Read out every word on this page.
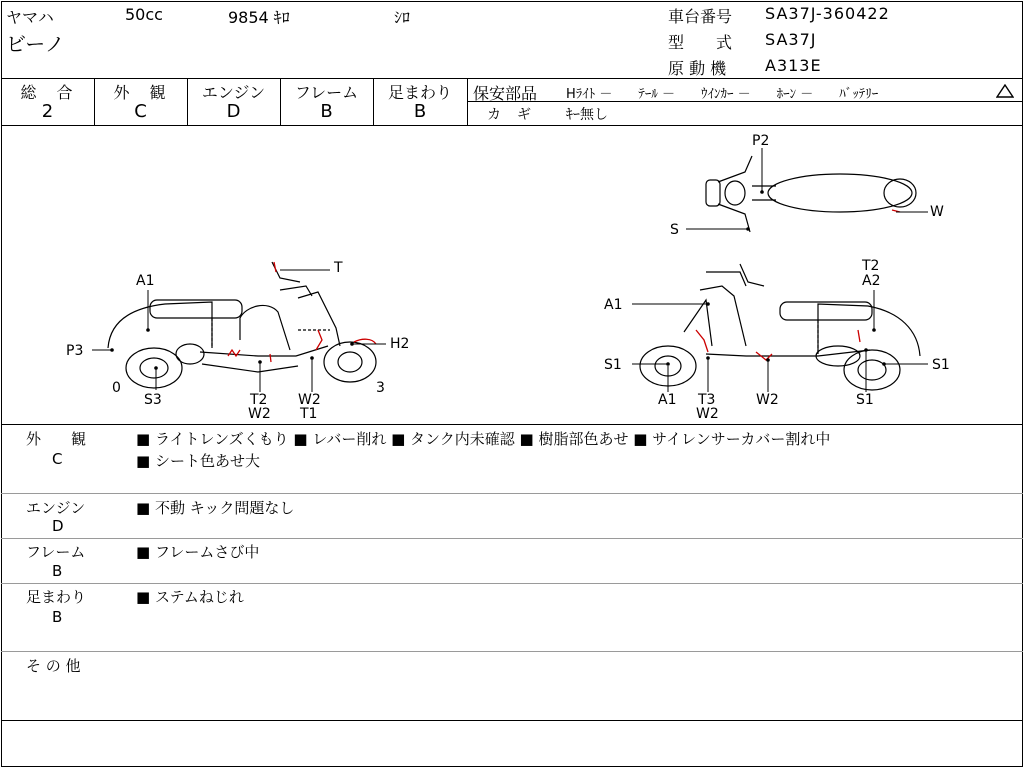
ヤマハ	50cc	9854 ｷﾛ	ｼﾛ
ビーノ
車台番号 SA37J-360422
型　　式 SA37J
原 動 機 A313E
総　合
2
外　観
C
エンジン
D
フレーム
B
足まわり
B
保安部品 Hﾗｲﾄ －　　ﾃｰﾙ －　　ｳｲﾝｶｰ －　　ﾎｰﾝ －　　ﾊﾞｯﾃﾘｰ
カ　ギ ｷｰ無し
A1
P3
0
S3	T2
W2
W2
T1
3
T
H2
P2
W
S
A1
S1
A1 T3
W2
W2
T2
A2
S1
S1
外　　観
C
■ ライトレンズくもり ■ レバー削れ ■ タンク内未確認 ■ 樹脂部色あせ ■ サイレンサーカバー割れ中
■ シート色あせ大
エンジン
D
■ 不動 キック問題なし
フレーム
B
■ フレームさび中
足まわり
B
■ ステムねじれ
そ の 他
